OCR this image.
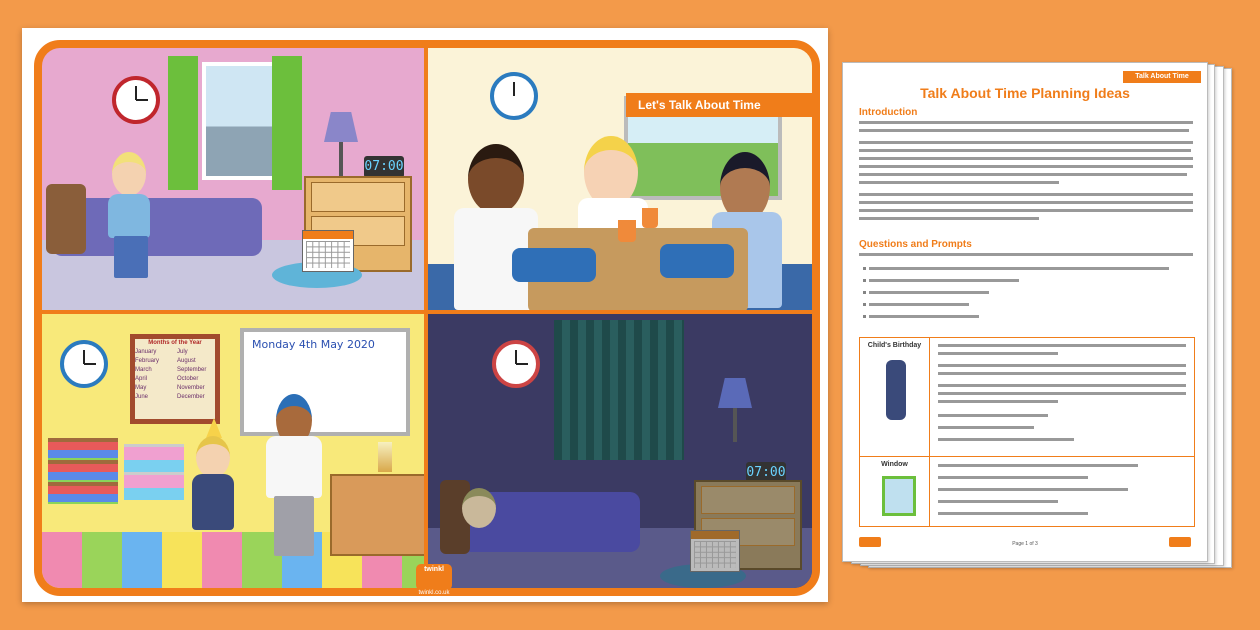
07:00
Let's Talk About Time
Months of the Year
January
February
March
April
May
June
July
August
September
October
November
December
Monday 4th May 2020
07:00
twinkl
twinkl.co.uk
Talk About Time
Talk About Time Planning Ideas
Introduction
Questions and Prompts
Child's Birthday
Window
Page 1 of 3
